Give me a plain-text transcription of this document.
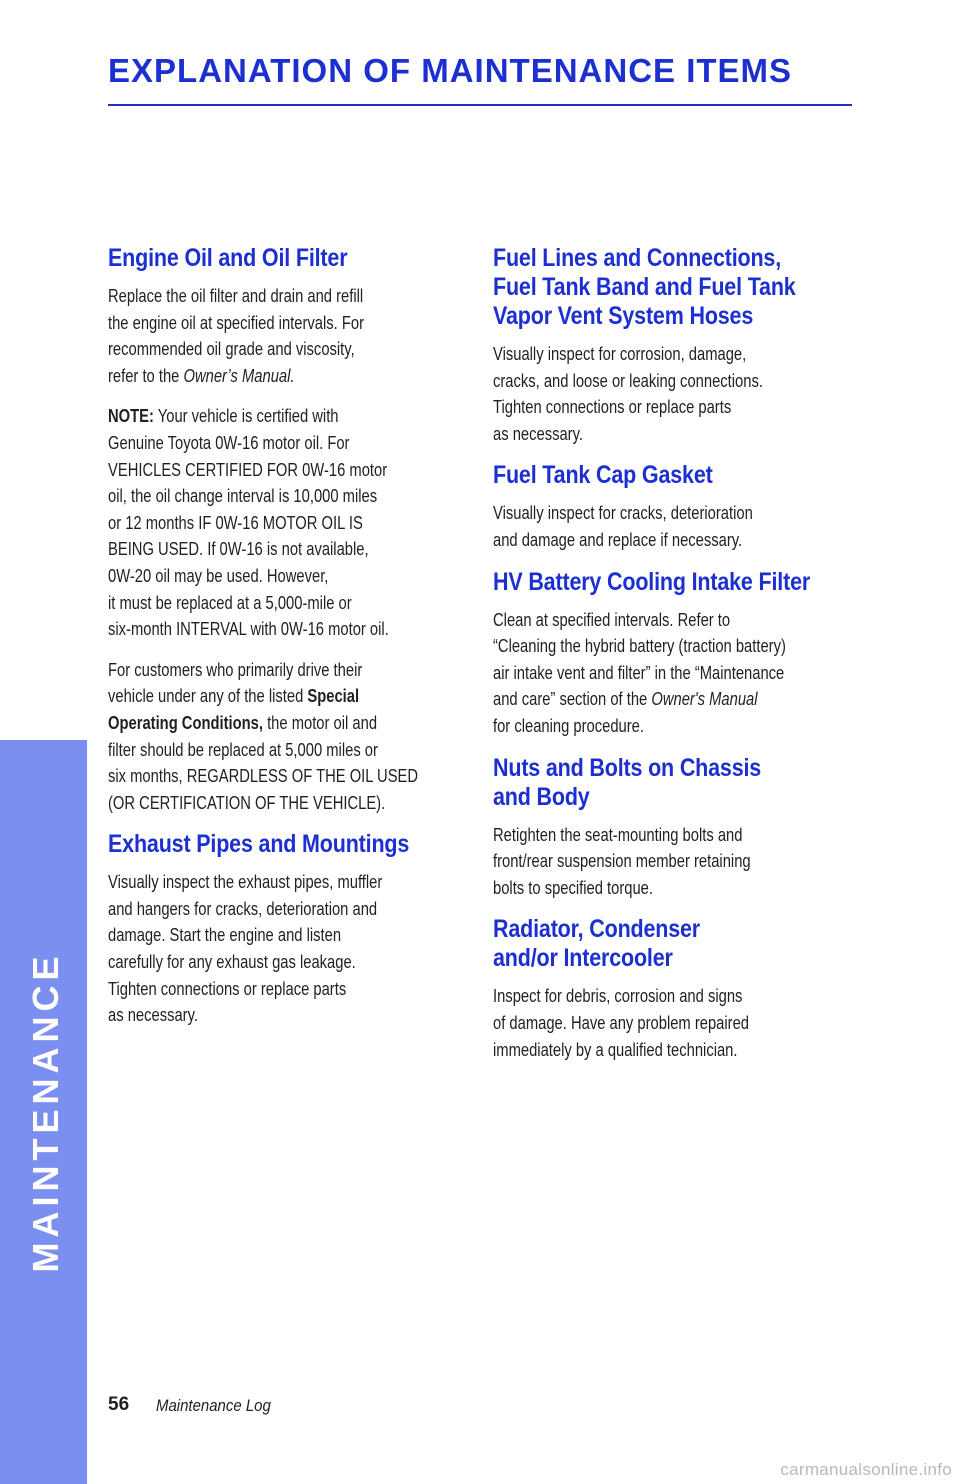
EXPLANATION OF MAINTENANCE ITEMS
MAINTENANCE
Engine Oil and Oil Filter
Replace the oil filter and drain and refill
the engine oil at specified intervals. For
recommended oil grade and viscosity,
refer to the Owner’s Manual.
NOTE: Your vehicle is certified with
Genuine Toyota 0W-16 motor oil. For
VEHICLES CERTIFIED FOR 0W-16 motor
oil, the oil change interval is 10,000 miles
or 12 months IF 0W-16 MOTOR OIL IS
BEING USED. If 0W-16 is not available,
0W-20 oil may be used. However,
it must be replaced at a 5,000-mile or
six-month INTERVAL with 0W-16 motor oil.
For customers who primarily drive their
vehicle under any of the listed Special
Operating Conditions, the motor oil and
filter should be replaced at 5,000 miles or
six months, REGARDLESS OF THE OIL USED
(OR CERTIFICATION OF THE VEHICLE).
Exhaust Pipes and Mountings
Visually inspect the exhaust pipes, muffler
and hangers for cracks, deterioration and
damage. Start the engine and listen
carefully for any exhaust gas leakage.
Tighten connections or replace parts
as necessary.
Fuel Lines and Connections,
Fuel Tank Band and Fuel Tank
Vapor Vent System Hoses
Visually inspect for corrosion, damage,
cracks, and loose or leaking connections.
Tighten connections or replace parts
as necessary.
Fuel Tank Cap Gasket
Visually inspect for cracks, deterioration
and damage and replace if necessary.
HV Battery Cooling Intake Filter
Clean at specified intervals. Refer to
“Cleaning the hybrid battery (traction battery)
air intake vent and filter” in the “Maintenance
and care” section of the Owner's Manual
for cleaning procedure.
Nuts and Bolts on Chassis
and Body
Retighten the seat-mounting bolts and
front/rear suspension member retaining
bolts to specified torque.
Radiator, Condenser
and/or Intercooler
Inspect for debris, corrosion and signs
of damage. Have any problem repaired
immediately by a qualified technician.
56 Maintenance Log
carmanualsonline.info
